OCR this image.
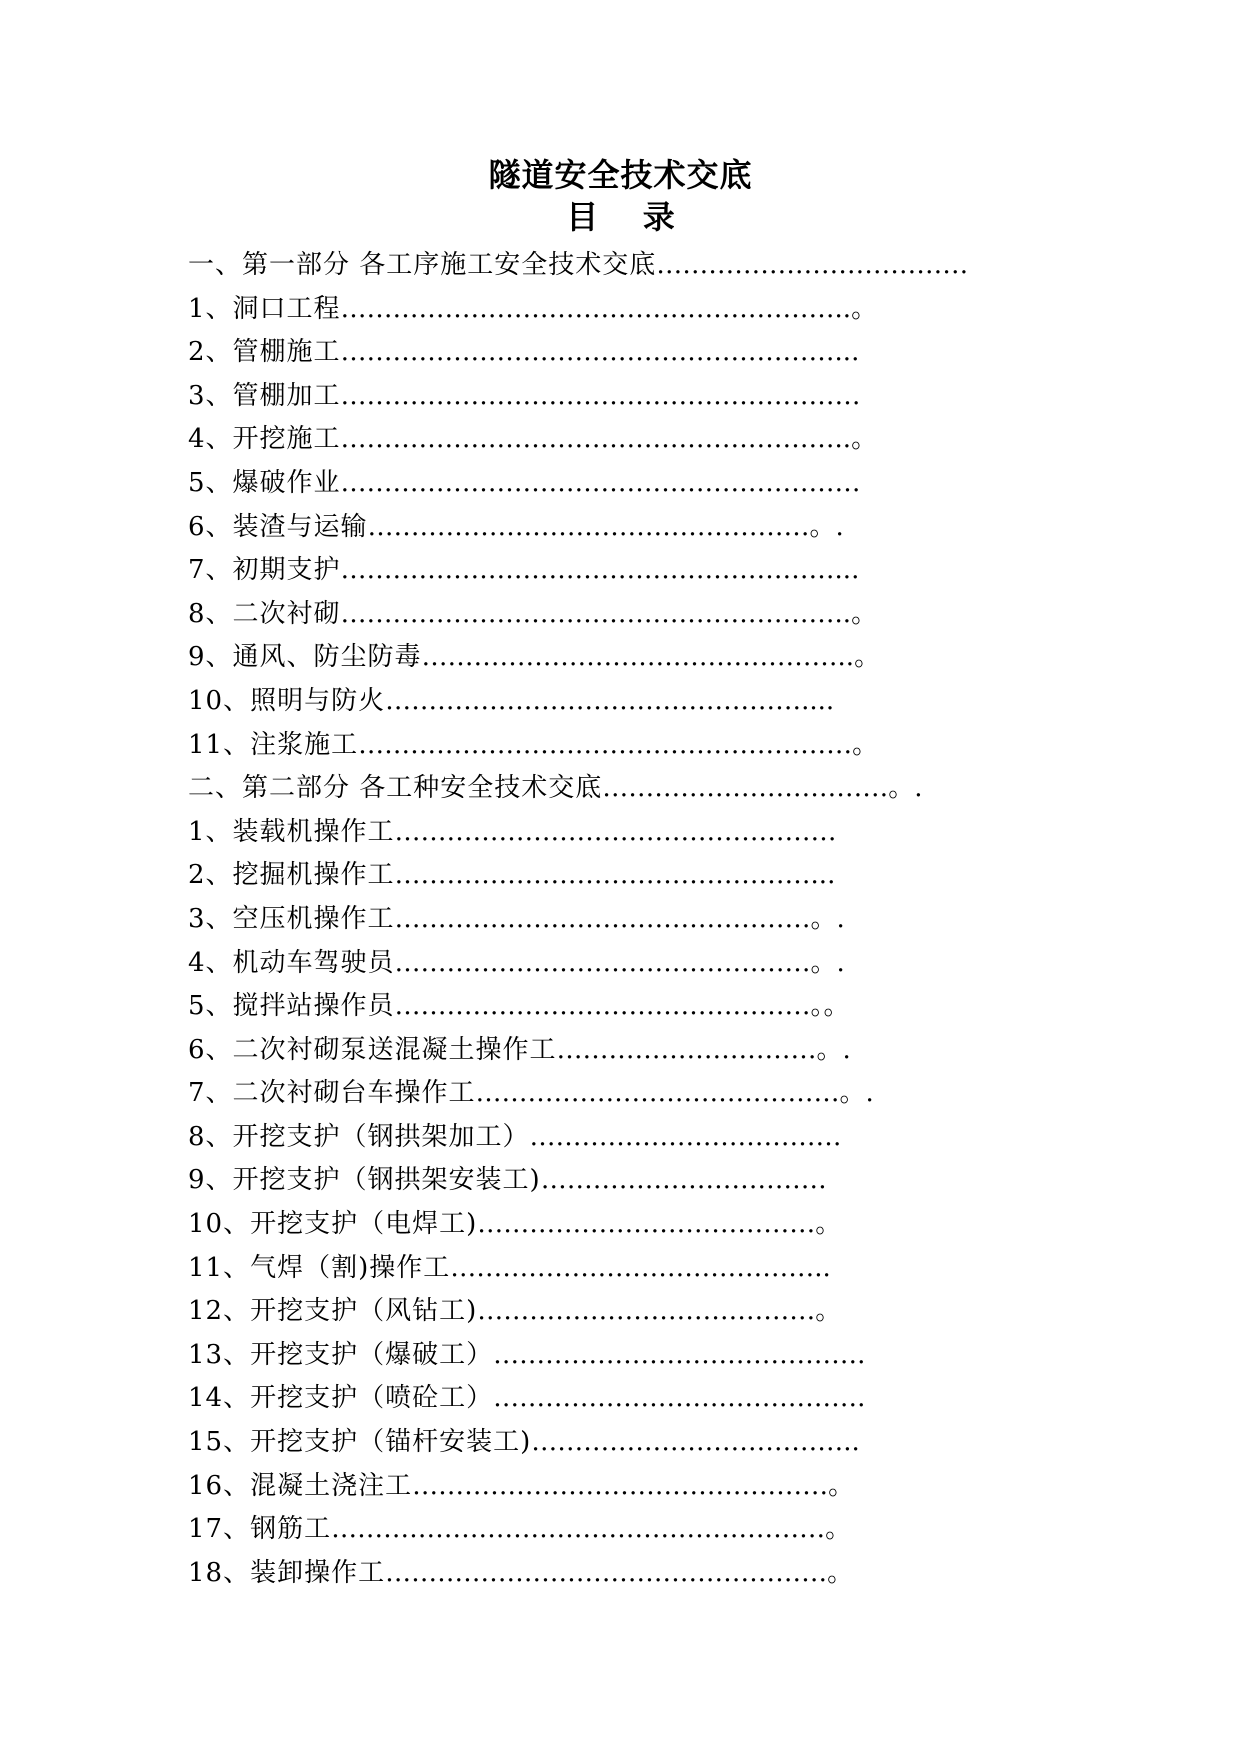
隧道安全技术交底
目    录
一、第一部分 各工序施工安全技术交底………………………………
1、洞口工程…………………………………………………..。
2、管棚施工…………………………………………………...
3、管棚加工……………………………………………………
4、开挖施工…………………………………………………..。
5、爆破作业……………………………………………………
6、装渣与运输……………………………………………。.
7、初期支护…………………………………………………...
8、二次衬砌…………………………………………………..。
9、通风、防尘防毒…………………………………………..。
10、照明与防火…………………………………………....
11、注浆施工…………………………………………………。
二、第二部分 各工种安全技术交底……………………………。.
1、装载机操作工……………………………………………
2、挖掘机操作工…………………………………………...
3、空压机操作工…………………………………………。.
4、机动车驾驶员…………………………………………。.
5、搅拌站操作员…………………………………………。。
6、二次衬砌泵送混凝土操作工…………………………。.
7、二次衬砌台车操作工……………………………………。.
8、开挖支护（钢拱架加工）………………………………
9、开挖支护（钢拱架安装工)……………………………
10、开挖支护（电焊工)…………………………………。
11、气焊（割)操作工……………………………………..
12、开挖支护（风钻工)…………………………………。
13、开挖支护（爆破工）…………………………………….
14、开挖支护（喷砼工）…………………………………….
15、开挖支护（锚杆安装工)………………………………..
16、混凝土浇注工…………………………………………。
17、钢筋工…………………………………………………。
18、装卸操作工……………………………………………。
